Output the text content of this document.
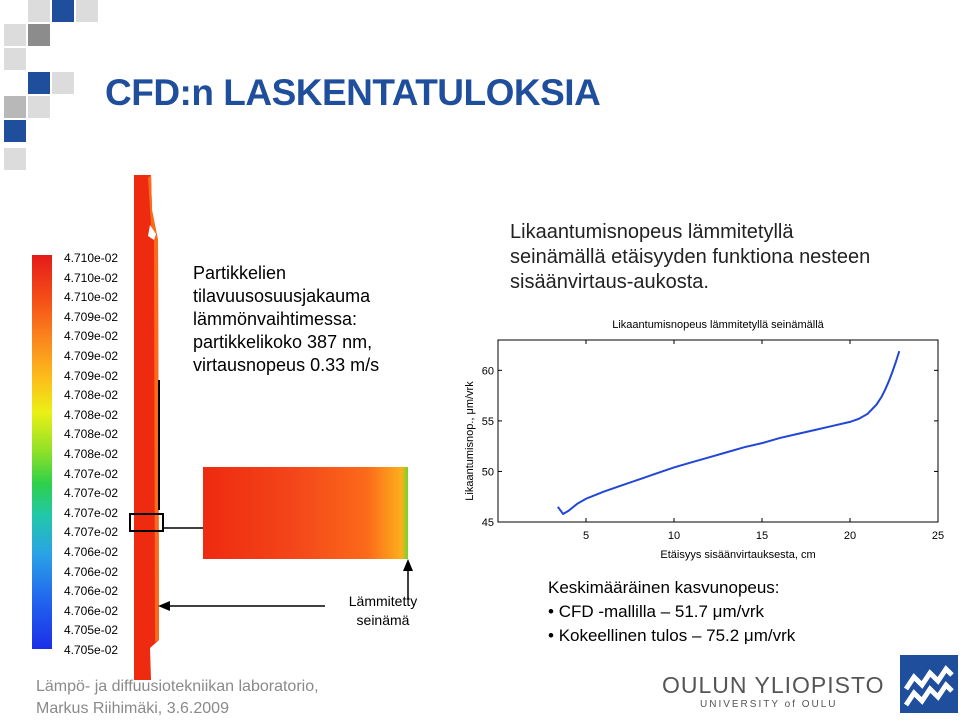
CFD:n LASKENTATULOKSIA
4.710e-02
4.710e-02
4.710e-02
4.709e-02
4.709e-02
4.709e-02
4.709e-02
4.708e-02
4.708e-02
4.708e-02
4.708e-02
4.707e-02
4.707e-02
4.707e-02
4.707e-02
4.706e-02
4.706e-02
4.706e-02
4.706e-02
4.705e-02
4.705e-02
Partikkelien
tilavuusosuusjakauma
lämmönvaihtimessa:
partikkelikoko 387 nm,
virtausnopeus 0.33 m/s
Lämmitetty
seinämä
Likaantumisnopeus lämmitetyllä
seinämällä etäisyyden funktiona nesteen
sisäänvirtaus-aukosta.
Likaantumisnopeus lämmitetyllä seinämällä
5	10	15	20	25
45
50
55
60
Etäisyys sisäänvirtauksesta, cm
Likaantumisnop., μm/vrk
Keskimääräinen kasvunopeus:
• CFD -mallilla – 51.7 μm/vrk
• Kokeellinen tulos – 75.2 μm/vrk
Lämpö- ja diffuusiotekniikan laboratorio,
Markus Riihimäki, 3.6.2009
OULUN YLIOPISTO
UNIVERSITY of OULU
